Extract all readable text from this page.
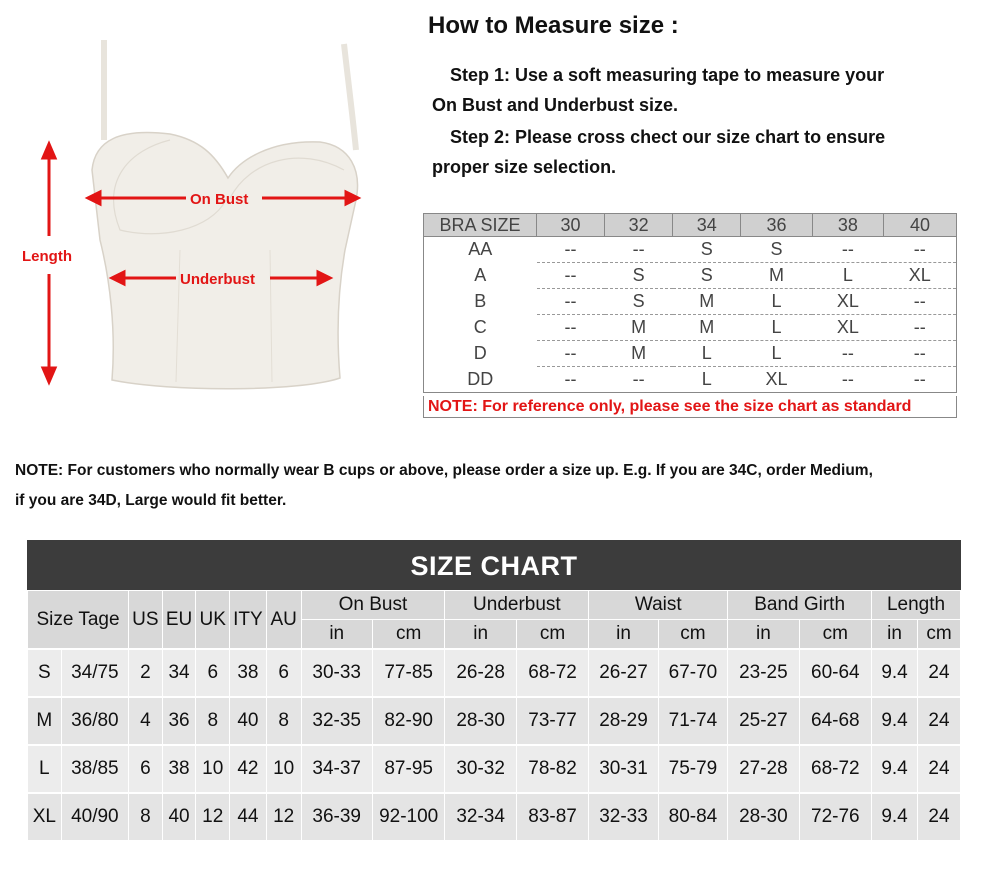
On Bust
Underbust
Length
How to Measure size :
Step 1: Use a soft measuring tape to measure your
On Bust and Underbust size.
Step 2: Please cross chect our size chart to ensure
proper size selection.
BRA SIZE	30	32	34	36	38	40
AA	--	--	S	S	--	--
A	--	S	S	M	L	XL
B	--	S	M	L	XL	--
C	--	M	M	L	XL	--
D	--	M	L	L	--	--
DD	--	--	L	XL	--	--
NOTE: For reference only, please see the size chart as standard
NOTE: For customers who normally wear B cups or above, please order a size up. E.g. If you are 34C, order Medium,
if you are 34D, Large would fit better.
SIZE CHART
Size Tage		US	EU	UK	ITY	AU	On Bust		Underbust		Waist		Band Girth		Length	
							in	cm	in	cm	in	cm	in	cm	in	cm
S	34/75	2	34	6	38	6	30-33	77-85	26-28	68-72	26-27	67-70	23-25	60-64	9.4	24
M	36/80	4	36	8	40	8	32-35	82-90	28-30	73-77	28-29	71-74	25-27	64-68	9.4	24
L	38/85	6	38	10	42	10	34-37	87-95	30-32	78-82	30-31	75-79	27-28	68-72	9.4	24
XL	40/90	8	40	12	44	12	36-39	92-100	32-34	83-87	32-33	80-84	28-30	72-76	9.4	24
